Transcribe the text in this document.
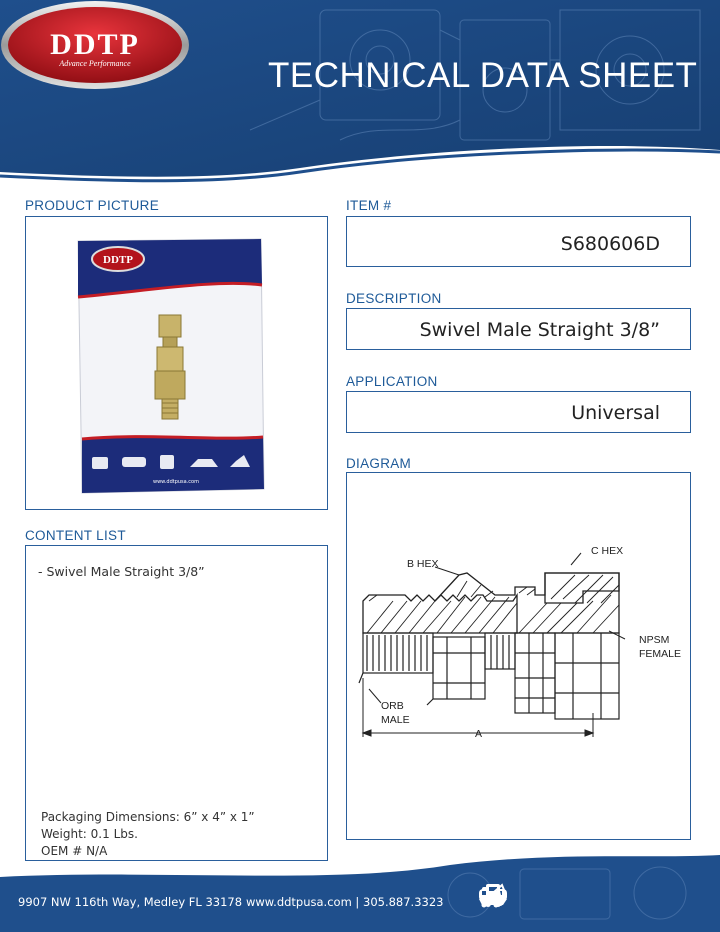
DDTP
Advance Performance	TECHNICAL DATA SHEET
PRODUCT PICTURE
DDTP
www.ddtpusa.com
ITEM #
S680606D
DESCRIPTION
Swivel Male Straight 3/8”
APPLICATION
Universal
DIAGRAM
B HEX
C HEX
NPSM
FEMALE
ORB
MALE
A
CONTENT LIST
- Swivel Male Straight 3/8”
Packaging Dimensions: 6” x 4” x 1”
Weight: 0.1 Lbs.
OEM # N/A
9907 NW 116th Way, Medley FL 33178 www.ddtpusa.com | 305.887.3323
